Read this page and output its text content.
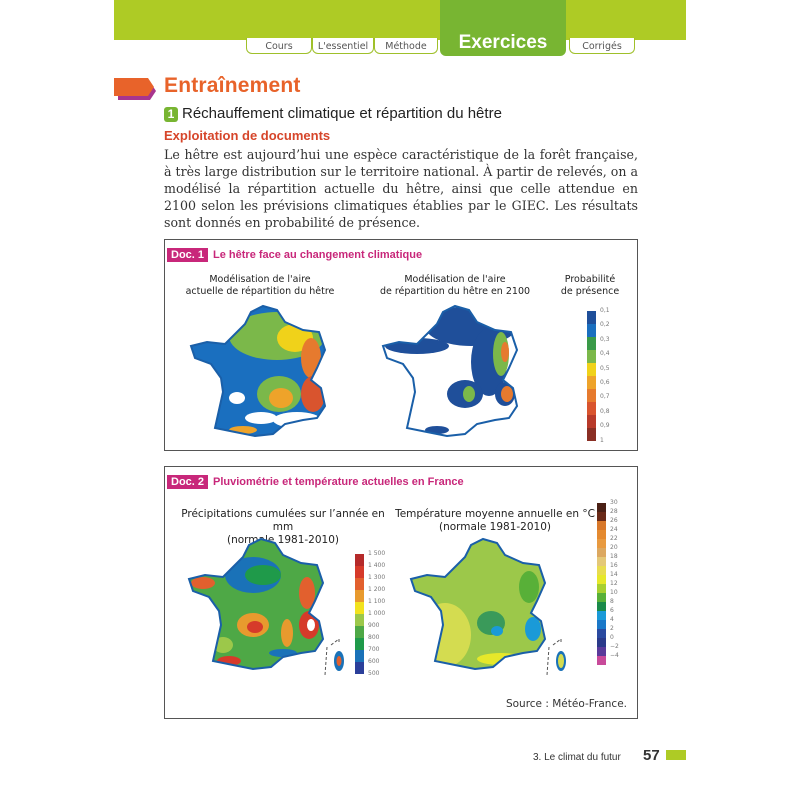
Cours	L'essentiel	Méthode	Exercices	Corrigés
Entraînement
1 Réchauffement climatique et répartition du hêtre
Exploitation de documents
Le hêtre est aujourd’hui une espèce caractéristique de la forêt française, à très large distribution sur le territoire national. À partir de relevés, on a modélisé la répartition actuelle du hêtre, ainsi que celle attendue en 2100 selon les prévisions climatiques établies par le GIEC. Les résultats sont donnés en probabilité de présence.
Doc. 1 Le hêtre face au changement climatique
Modélisation de l'aire
actuelle de répartition du hêtre
Modélisation de l'aire
de répartition du hêtre en 2100
Probabilité
de présence
0,1
0,2
0,3
0,4
0,5
0,6
0,7
0,8
0,9
1
Doc. 2 Pluviométrie et température actuelles en France
Précipitations cumulées sur l’année en mm
(normale 1981-2010)
Température moyenne annuelle en °C
(normale 1981-2010)
1 500
1 400
1 300
1 200
1 100
1 000
900
800
700
600
500
30
28
26
24
22
20
18
16
14
12
10
8
6
4
2
0
−2
−4
Source : Météo-France.
3. Le climat du futur 57
